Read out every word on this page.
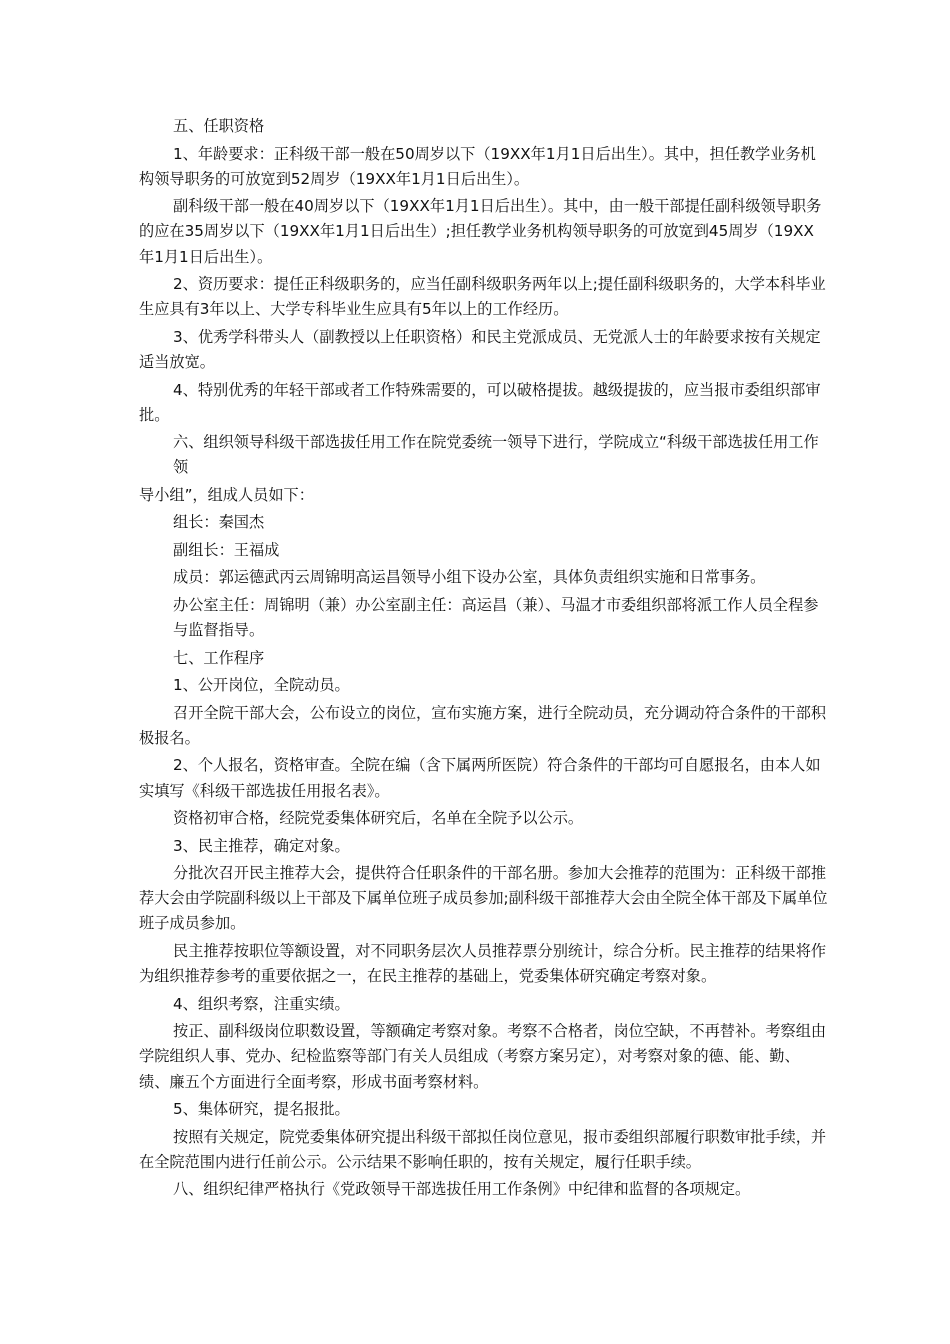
五、任职资格

1、年龄要求：正科级干部一般在50周岁以下（19XX年1月1日后出生）。其中，担任教学业务机构领导职务的可放宽到52周岁（19XX年1月1日后出生）。

副科级干部一般在40周岁以下（19XX年1月1日后出生）。其中，由一般干部提任副科级领导职务的应在35周岁以下（19XX年1月1日后出生）;担任教学业务机构领导职务的可放宽到45周岁（19XX年1月1日后出生）。

2、资历要求：提任正科级职务的，应当任副科级职务两年以上;提任副科级职务的，大学本科毕业生应具有3年以上、大学专科毕业生应具有5年以上的工作经历。

3、优秀学科带头人（副教授以上任职资格）和民主党派成员、无党派人士的年龄要求按有关规定适当放宽。

4、特别优秀的年轻干部或者工作特殊需要的，可以破格提拔。越级提拔的，应当报市委组织部审批。

六、组织领导科级干部选拔任用工作在院党委统一领导下进行，学院成立“科级干部选拔任用工作领

导小组”，组成人员如下：

组长：秦国杰

副组长：王福成

成员：郭运德武丙云周锦明高运昌领导小组下设办公室，具体负责组织实施和日常事务。

办公室主任：周锦明（兼）办公室副主任：高运昌（兼）、马温才市委组织部将派工作人员全程参与监督指导。

七、工作程序

1、公开岗位，全院动员。

召开全院干部大会，公布设立的岗位，宣布实施方案，进行全院动员，充分调动符合条件的干部积极报名。

2、个人报名，资格审查。全院在编（含下属两所医院）符合条件的干部均可自愿报名，由本人如实填写《科级干部选拔任用报名表》。

资格初审合格，经院党委集体研究后，名单在全院予以公示。

3、民主推荐，确定对象。

分批次召开民主推荐大会，提供符合任职条件的干部名册。参加大会推荐的范围为：正科级干部推荐大会由学院副科级以上干部及下属单位班子成员参加;副科级干部推荐大会由全院全体干部及下属单位班子成员参加。

民主推荐按职位等额设置，对不同职务层次人员推荐票分别统计，综合分析。民主推荐的结果将作为组织推荐参考的重要依据之一，在民主推荐的基础上，党委集体研究确定考察对象。

4、组织考察，注重实绩。

按正、副科级岗位职数设置，等额确定考察对象。考察不合格者，岗位空缺，不再替补。考察组由学院组织人事、党办、纪检监察等部门有关人员组成（考察方案另定），对考察对象的德、能、勤、绩、廉五个方面进行全面考察，形成书面考察材料。

5、集体研究，提名报批。

按照有关规定，院党委集体研究提出科级干部拟任岗位意见，报市委组织部履行职数审批手续，并在全院范围内进行任前公示。公示结果不影响任职的，按有关规定，履行任职手续。

八、组织纪律严格执行《党政领导干部选拔任用工作条例》中纪律和监督的各项规定。
